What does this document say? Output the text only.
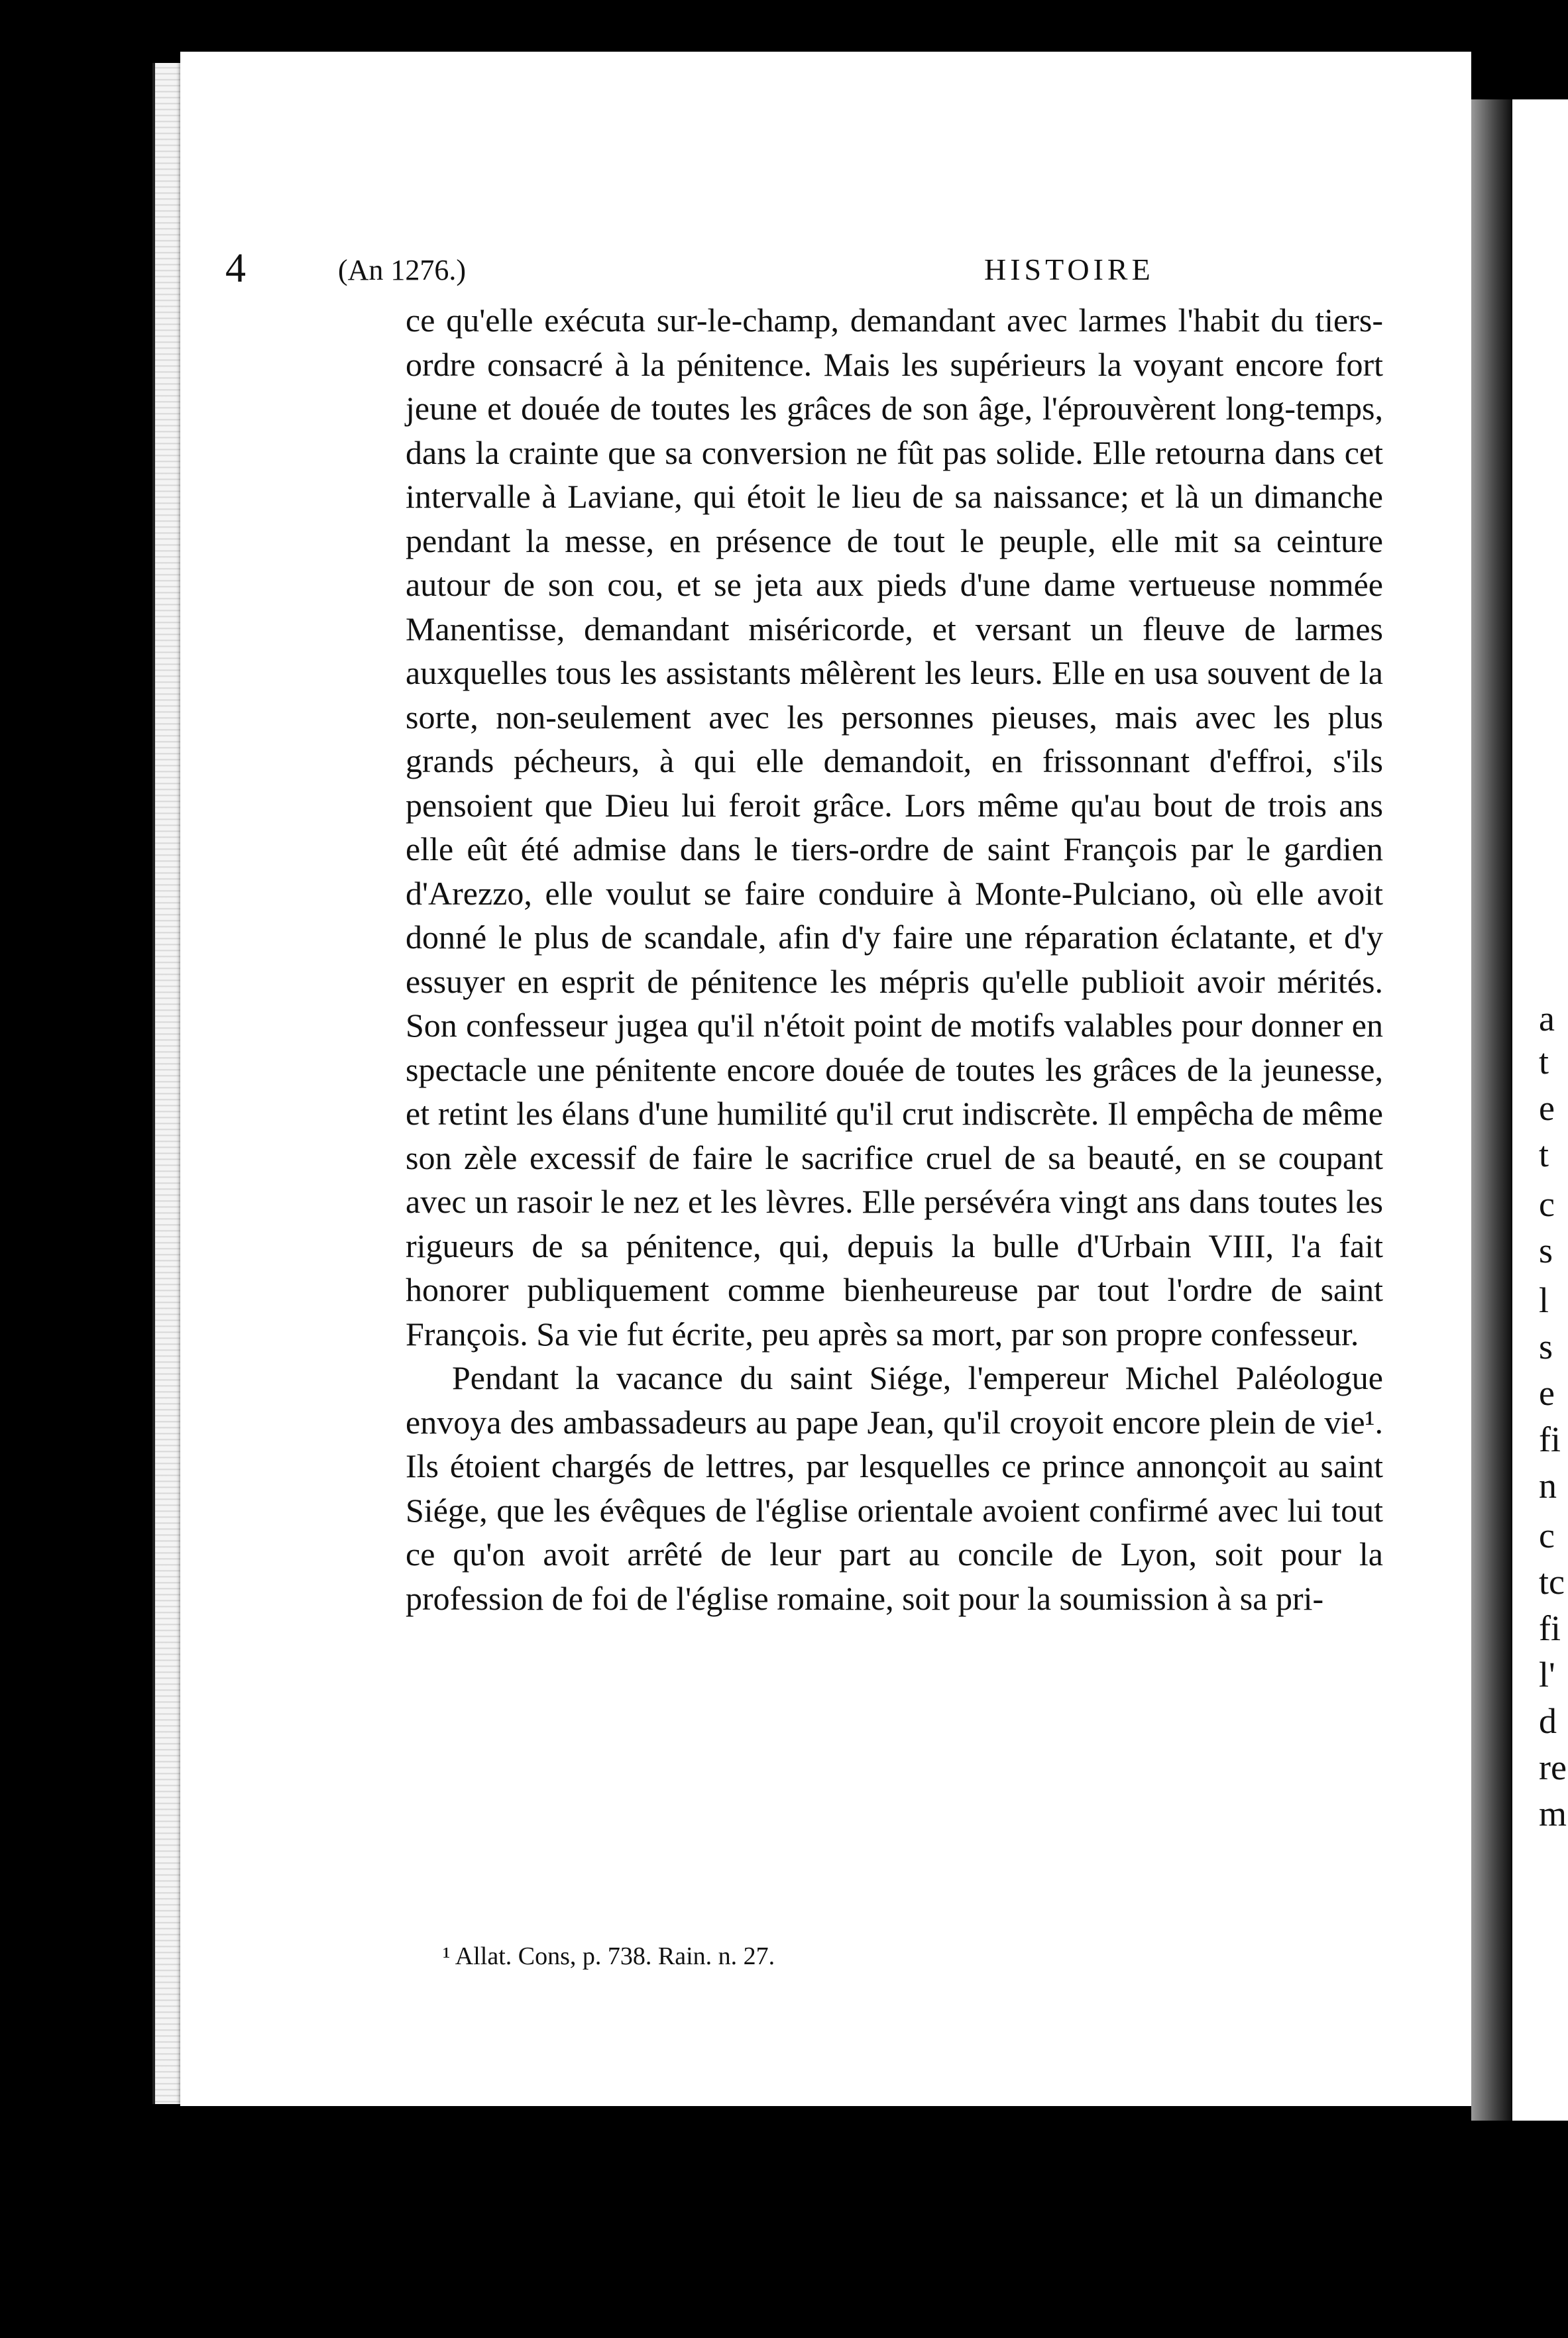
a
t
e
t
c
s
l
s
e
fi
n
c
tc
fi
l'
d
re
m
4	(An 1276.)	HISTOIRE

ce qu'elle exécuta sur-le-champ, demandant avec larmes l'habit du tiers-ordre consacré à la pénitence. Mais les supérieurs la voyant encore fort jeune et douée de toutes les grâces de son âge, l'éprouvèrent long-temps, dans la crainte que sa conversion ne fût pas solide. Elle retourna dans cet intervalle à Laviane, qui étoit le lieu de sa naissance; et là un dimanche pendant la messe, en présence de tout le peuple, elle mit sa ceinture autour de son cou, et se jeta aux pieds d'une dame vertueuse nommée Manentisse, demandant miséricorde, et versant un fleuve de larmes auxquelles tous les assistants mêlèrent les leurs. Elle en usa souvent de la sorte, non-seulement avec les personnes pieuses, mais avec les plus grands pécheurs, à qui elle demandoit, en frissonnant d'effroi, s'ils pensoient que Dieu lui feroit grâce. Lors même qu'au bout de trois ans elle eût été admise dans le tiers-ordre de saint François par le gardien d'Arezzo, elle voulut se faire conduire à Monte-Pulciano, où elle avoit donné le plus de scandale, afin d'y faire une réparation éclatante, et d'y essuyer en esprit de pénitence les mépris qu'elle publioit avoir mérités. Son confesseur jugea qu'il n'étoit point de motifs valables pour donner en spectacle une pénitente encore douée de toutes les grâces de la jeunesse, et retint les élans d'une humilité qu'il crut indiscrète. Il empêcha de même son zèle excessif de faire le sacrifice cruel de sa beauté, en se coupant avec un rasoir le nez et les lèvres. Elle persévéra vingt ans dans toutes les rigueurs de sa pénitence, qui, depuis la bulle d'Urbain VIII, l'a fait honorer publiquement comme bienheureuse par tout l'ordre de saint François. Sa vie fut écrite, peu après sa mort, par son propre confesseur.

Pendant la vacance du saint Siége, l'empereur Michel Paléologue envoya des ambassadeurs au pape Jean, qu'il croyoit encore plein de vie¹. Ils étoient chargés de lettres, par lesquelles ce prince annonçoit au saint Siége, que les évêques de l'église orientale avoient confirmé avec lui tout ce qu'on avoit arrêté de leur part au concile de Lyon, soit pour la profession de foi de l'église romaine, soit pour la soumission à sa pri-

¹ Allat. Cons, p. 738. Rain. n. 27.
